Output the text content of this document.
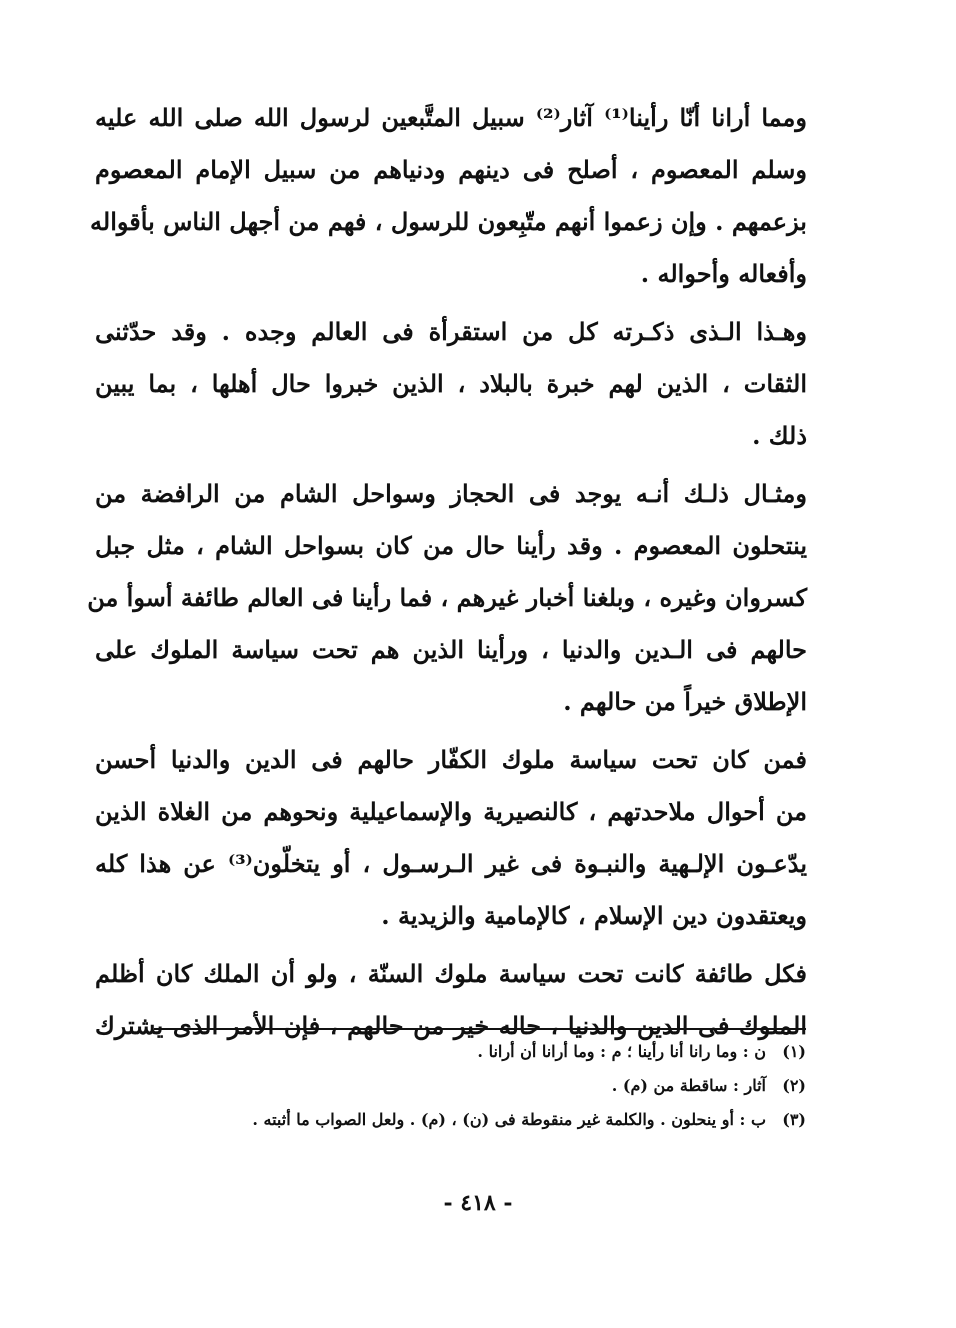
ومما أرانا أنّا رأينا⁽¹⁾ آثار⁽²⁾ سبيل المتَّبعين لرسول الله صلى الله عليه
وسلم المعصوم ، أصلح فى دينهم ودنياهم من سبيل الإمام المعصوم
بزعمهم . وإن زعموا أنهم متّبِعون للرسول ، فهم من أجهل الناس بأقواله
وأفعاله وأحواله .
وهـذا الـذى ذكـرته كل من استقرأة فى العالم وجده . وقد حدّثنى
الثقات ، الذين لهم خبرة بالبلاد ، الذين خبروا حال أهلها ، بما يبين
ذلك .
ومثـال ذلـك أنـه يوجد فى الحجاز وسواحل الشام من الرافضة من
ينتحلون المعصوم . وقد رأينا حال من كان بسواحل الشام ، مثل جبل
كسروان وغيره ، وبلغنا أخبار غيرهم ، فما رأينا فى العالم طائفة أسوأ من
حالهم فى الـدين والدنيا ، ورأينا الذين هم تحت سياسة الملوك على
الإطلاق خيراً من حالهم .
فمن كان تحت سياسة ملوك الكفّار حالهم فى الدين والدنيا أحسن
من أحوال ملاحدتهم ، كالنصيرية والإسماعيلية ونحوهم من الغلاة الذين
يدّعـون الإلـهية والنبـوة فى غير الـرسـول ، أو يتخلّون⁽³⁾ عن هذا كله
ويعتقدون دين الإسلام ، كالإمامية والزيدية .
فكل طائفة كانت تحت سياسة ملوك السنّة ، ولو أن الملك كان أظلم
الملوك فى الدين والدنيا ، حاله خير من حالهم ، فإن الأمر الذى يشترك
(١)
ن : وما رانا أنا رأينا ؛ م : وما أرانا أن أرانا .
(٢)
آثار : ساقطة من (م) .
(٣)
ب : أو ينحلون . والكلمة غير منقوطة فى (ن) ، (م) . ولعل الصواب ما أثبته .
- ٤١٨ -
